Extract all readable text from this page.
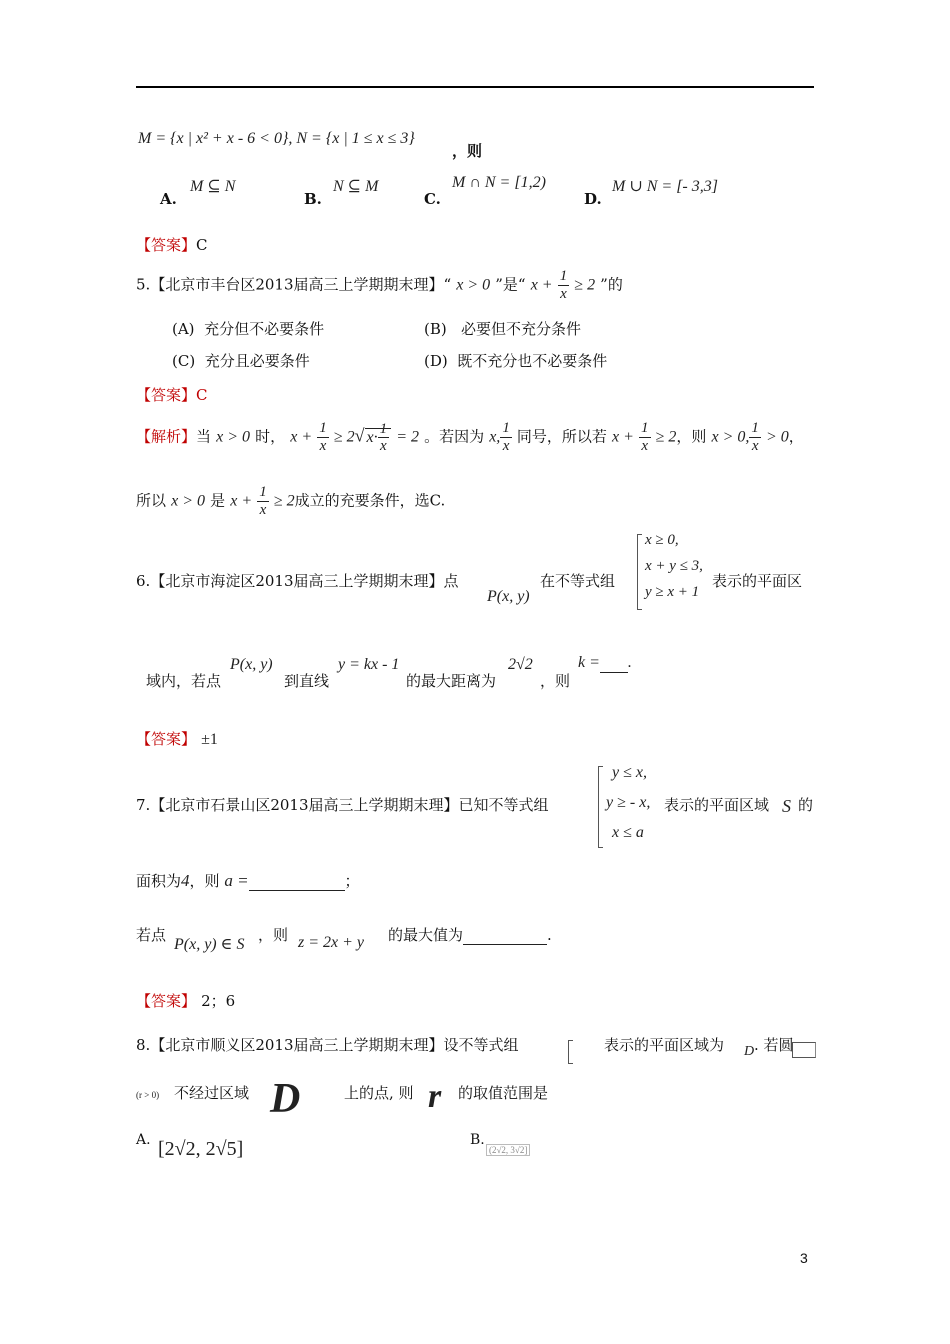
M = {x | x² + x - 6 < 0}, N = {x | 1 ≤ x ≤ 3}
，则
A.
M ⊆ N
B.
N ⊆ M
C.
M ∩ N = [1,2)
D.
M ∪ N = [- 3,3]
【答案】C
5.【北京市丰台区2013届高三上学期期末理】“ x > 0 ”是“ $x + \frac{1}{x} \ge 2$ ”的
(A) 充分但不必要条件	(B) 必要但不充分条件
(C) 充分且必要条件	(D) 既不充分也不必要条件
【答案】C
【解析】当 x > 0 时， $x + \frac{1}{x} \ge 2√$ $x\cdot \frac{1}{x} = 2$ 。若因为 x, $\frac{1}{x}$ 同号，所以若 $x + \frac{1}{x} \ge 2$，则 x > 0, $\frac{1}{x} > 0$，
所以 x > 0 是 $x + \frac{1}{x} \ge 2$成立的充要条件，选C.
6.【北京市海淀区2013届高三上学期期末理】点
P(x, y)
在不等式组
x ≥ 0,
x + y ≤ 3,
y ≥ x + 1
表示的平面区
域内，若点
P(x, y)
到直线
y = kx - 1
的最大距离为
2√2
，则
k = .
【答案】 ±1
7.【北京市石景山区2013届高三上学期期末理】已知不等式组
y ≤ x,
y ≥ - x,
x ≤ a
表示的平面区域 S 的
面积为4，则 a =	；
若点
P(x, y) ∈ S
，则 z = 2x + y 的最大值为	.
【答案】 2；6
8.【北京市顺义区2013届高三上学期期末理】设不等式组	表示的平面区域为 D . 若圆
(r > 0) 不经过区域 D	上的点, 则 r 的取值范围是
A. [2√2, 2√5]	B.
(2√2, 3√2]
3
